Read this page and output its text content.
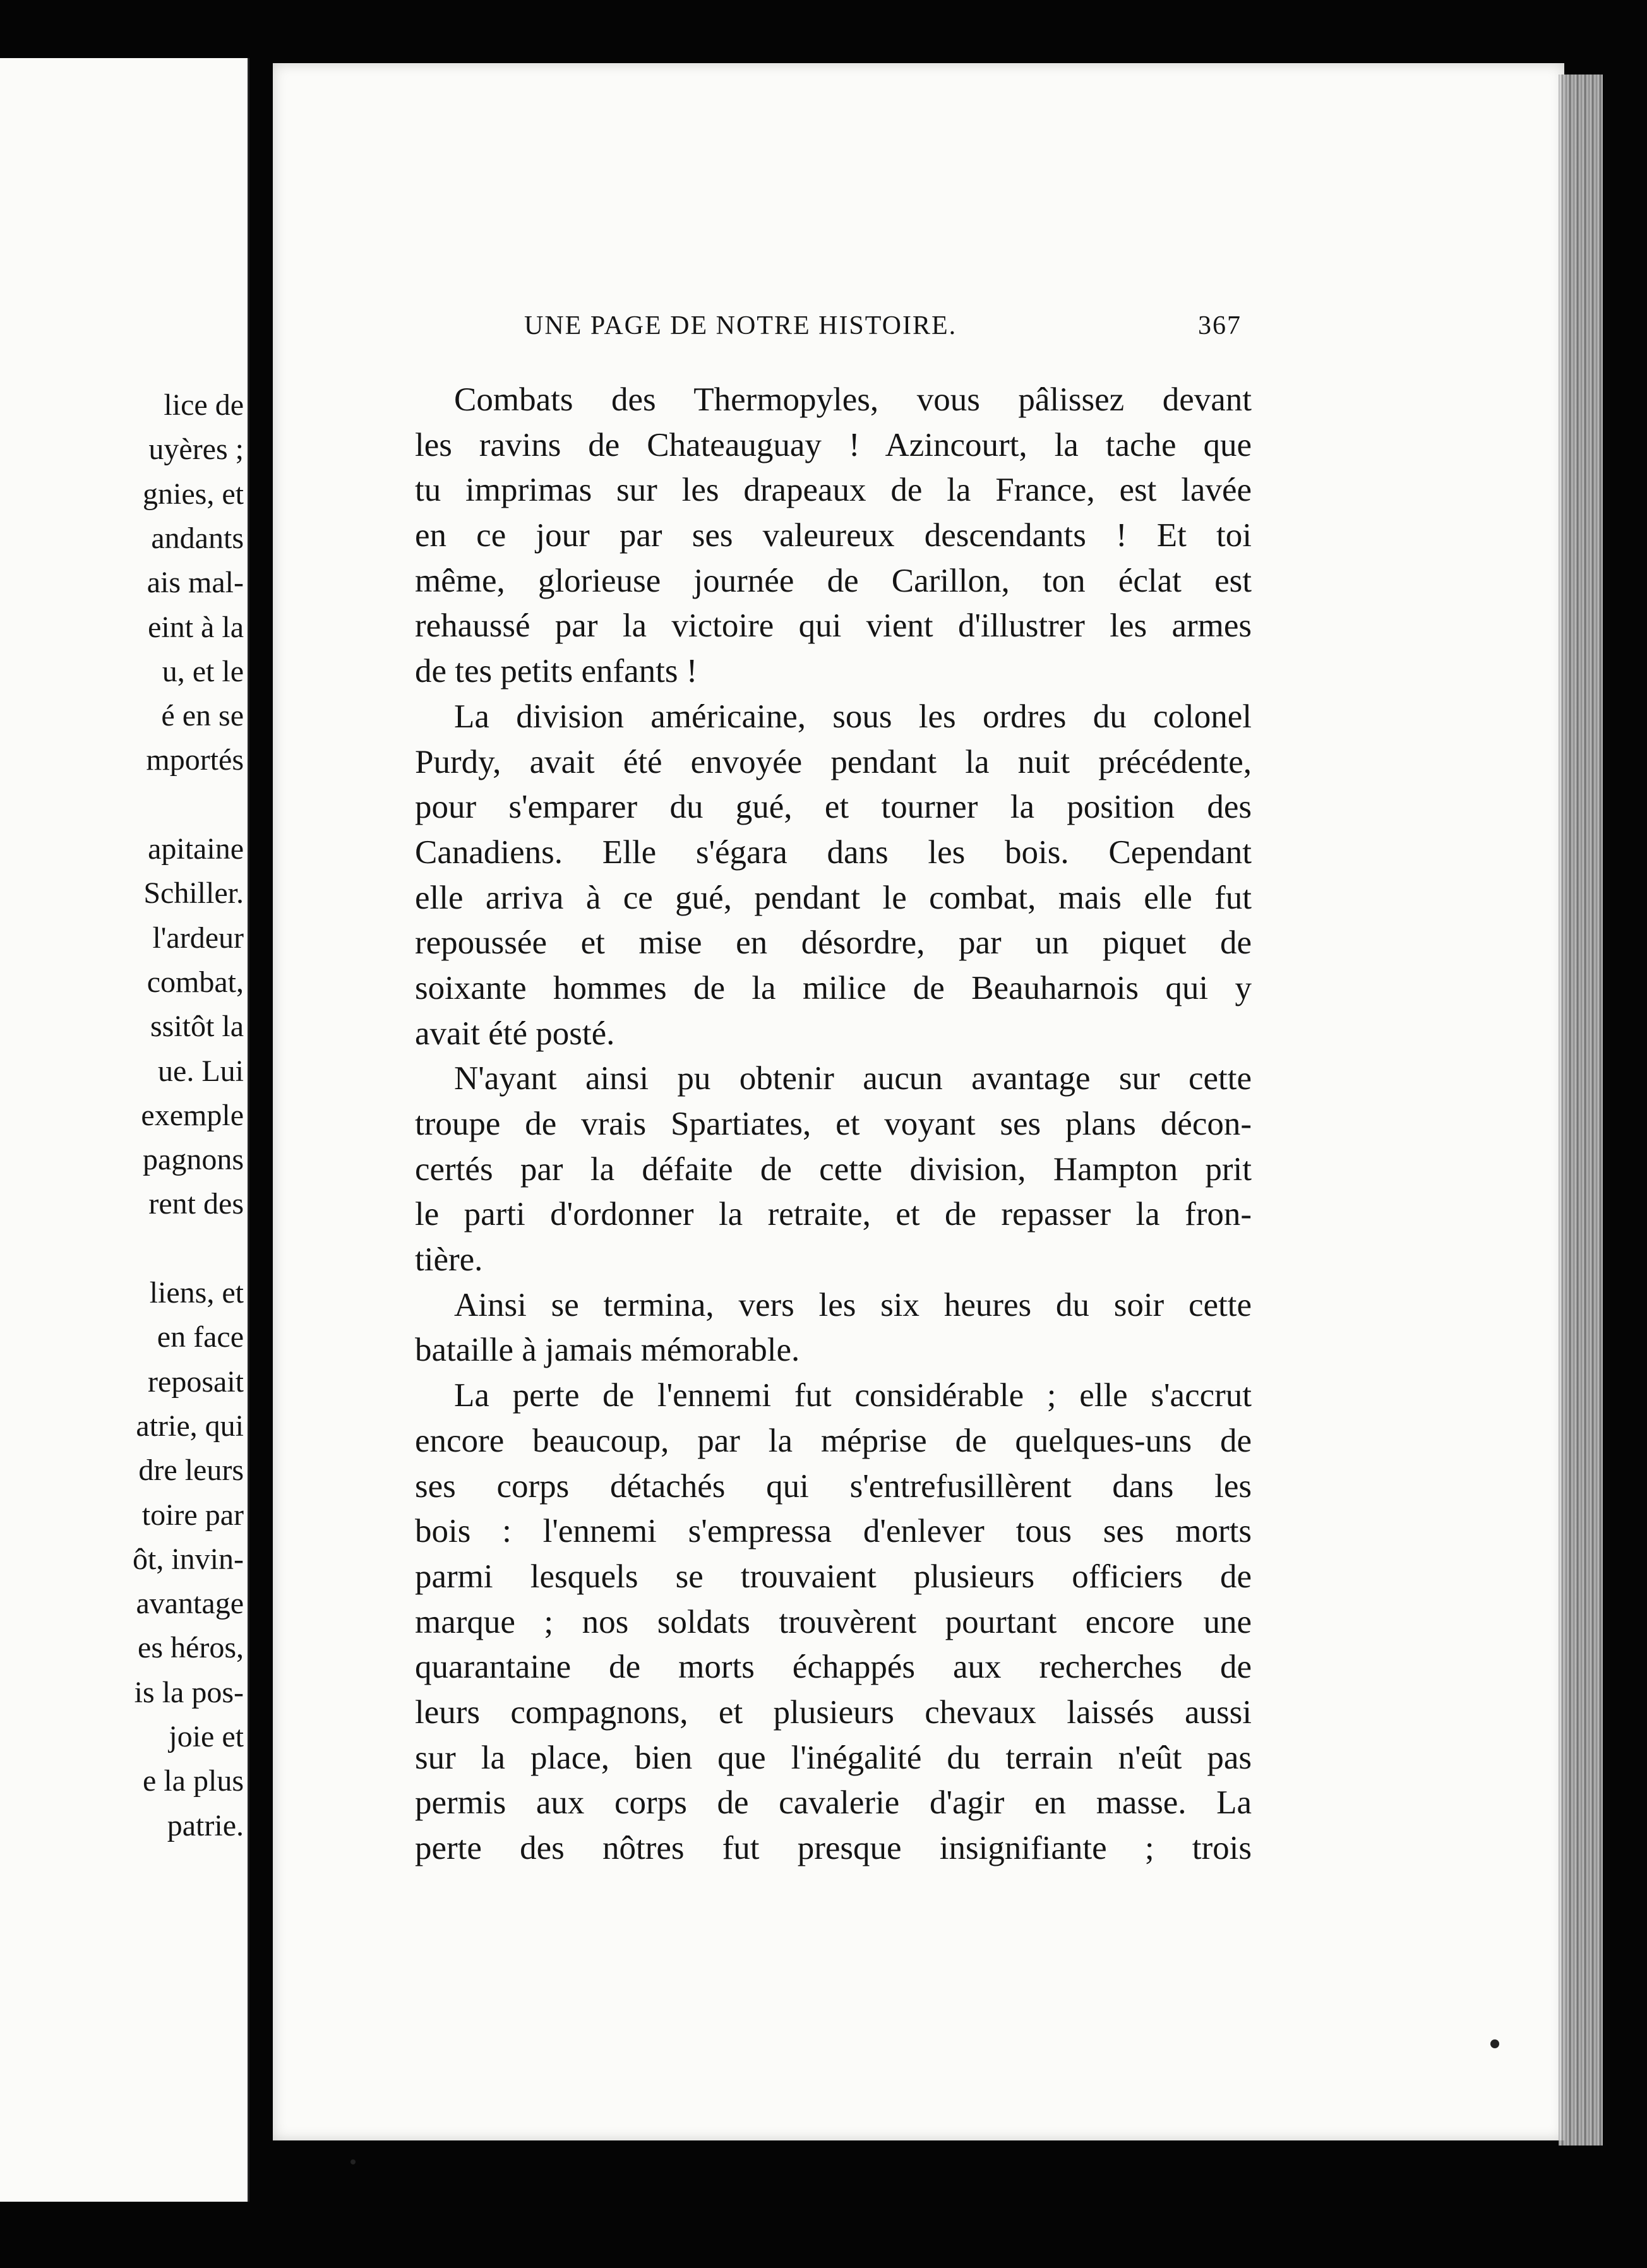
lice de
uyères ;
gnies, et
andants
ais mal-
eint à la
u, et le
é en se
mportés
apitaine
Schiller.
l'ardeur
combat,
ssitôt la
ue. Lui
exemple
pagnons
rent des
liens, et
en face
reposait
atrie, qui
dre leurs
toire par
ôt, invin-
avantage
es héros,
is la pos-
joie et
e la plus
patrie.
UNE PAGE DE NOTRE HISTOIRE.	367
Combats des Thermopyles, vous pâlissez devant
les ravins de Chateauguay ! Azincourt, la tache que
tu imprimas sur les drapeaux de la France, est lavée
en ce jour par ses valeureux descendants ! Et toi
même, glorieuse journée de Carillon, ton éclat est
rehaussé par la victoire qui vient d'illustrer les armes
de tes petits enfants !
La division américaine, sous les ordres du colonel
Purdy, avait été envoyée pendant la nuit précédente,
pour s'emparer du gué, et tourner la position des
Canadiens. Elle s'égara dans les bois. Cependant
elle arriva à ce gué, pendant le combat, mais elle fut
repoussée et mise en désordre, par un piquet de
soixante hommes de la milice de Beauharnois qui y
avait été posté.
N'ayant ainsi pu obtenir aucun avantage sur cette
troupe de vrais Spartiates, et voyant ses plans décon-
certés par la défaite de cette division, Hampton prit
le parti d'ordonner la retraite, et de repasser la fron-
tière.
Ainsi se termina, vers les six heures du soir cette
bataille à jamais mémorable.
La perte de l'ennemi fut considérable ; elle s'accrut
encore beaucoup, par la méprise de quelques-uns de
ses corps détachés qui s'entrefusillèrent dans les
bois : l'ennemi s'empressa d'enlever tous ses morts
parmi lesquels se trouvaient plusieurs officiers de
marque ; nos soldats trouvèrent pourtant encore une
quarantaine de morts échappés aux recherches de
leurs compagnons, et plusieurs chevaux laissés aussi
sur la place, bien que l'inégalité du terrain n'eût pas
permis aux corps de cavalerie d'agir en masse. La
perte des nôtres fut presque insignifiante ; trois
